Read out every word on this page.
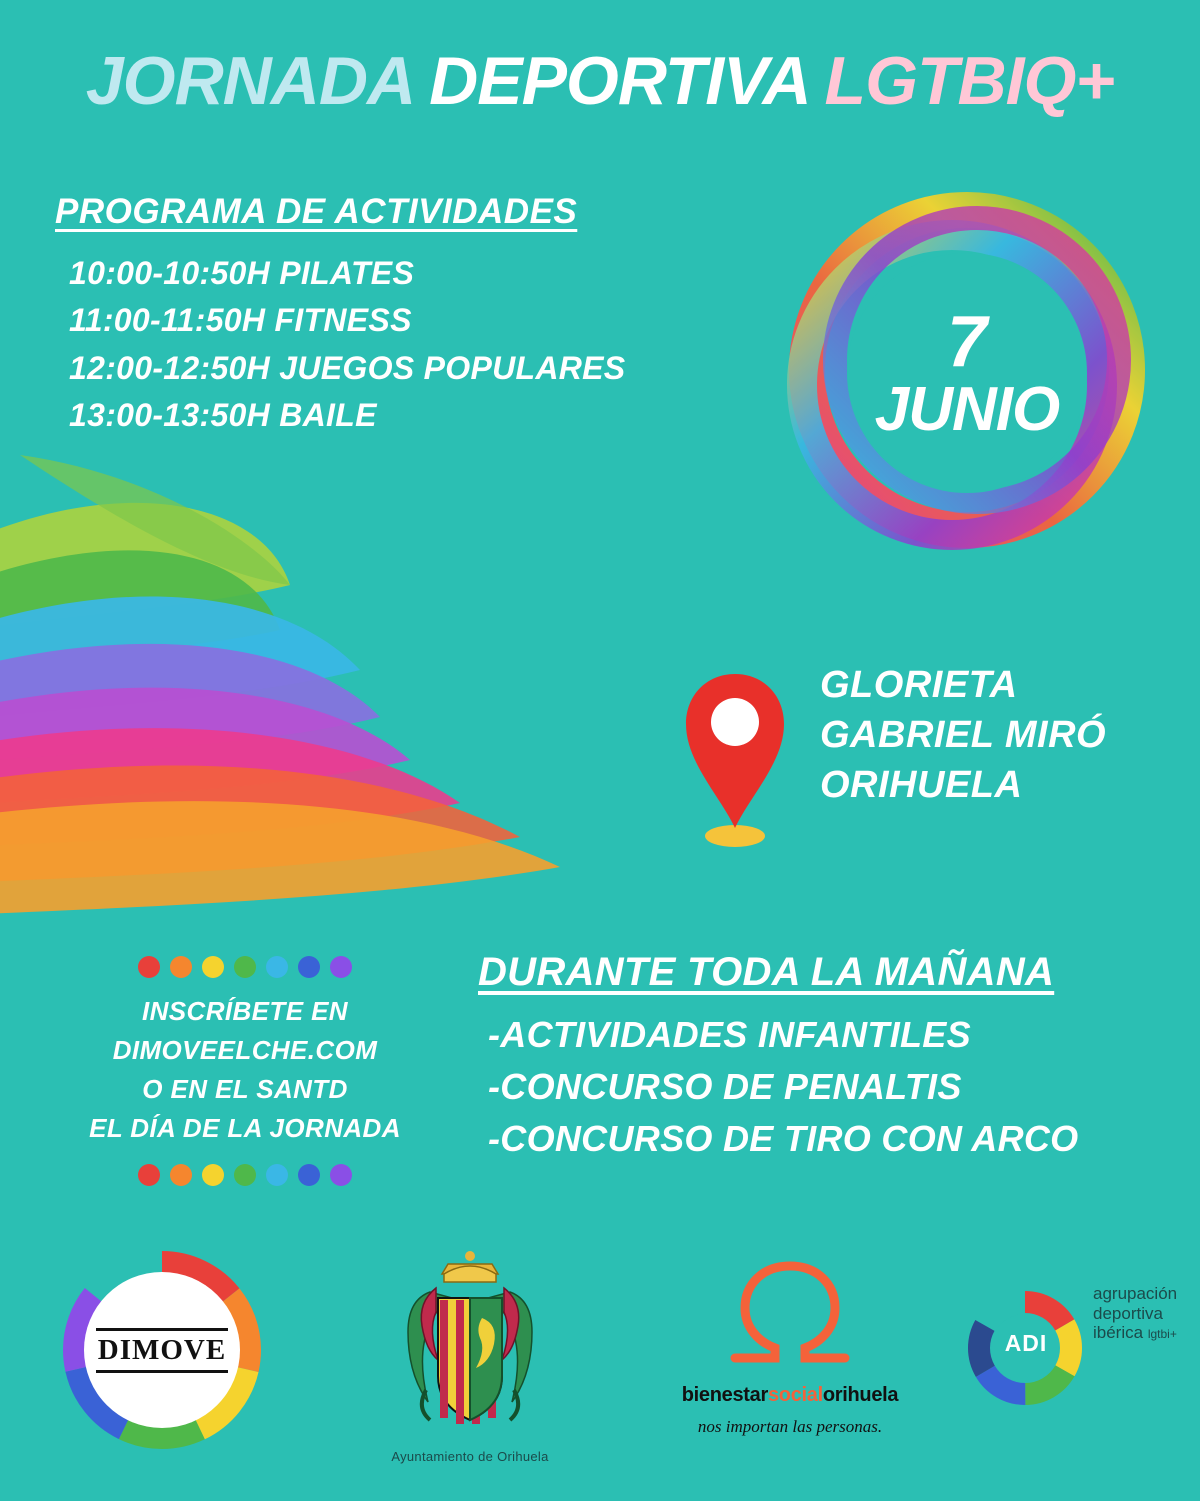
JORNADA DEPORTIVA LGTBIQ+
PROGRAMA DE ACTIVIDADES
10:00-10:50H PILATES
11:00-11:50H FITNESS
12:00-12:50H JUEGOS POPULARES
13:00-13:50H BAILE
7
JUNIO
GLORIETA
GABRIEL MIRÓ
ORIHUELA

INSCRÍBETE EN

DIMOVEELCHE.COM

O EN EL SANTD

EL DÍA DE LA JORNADA

DURANTE TODA LA MAÑANA
-ACTIVIDADES INFANTILES
-CONCURSO DE PENALTIS
-CONCURSO DE TIRO CON ARCO
DIMOVE
Ayuntamiento de Orihuela
bienestarsocialorihuela
nos importan las personas.
ADI
agrupación
deportiva
ibérica lgtbi+
